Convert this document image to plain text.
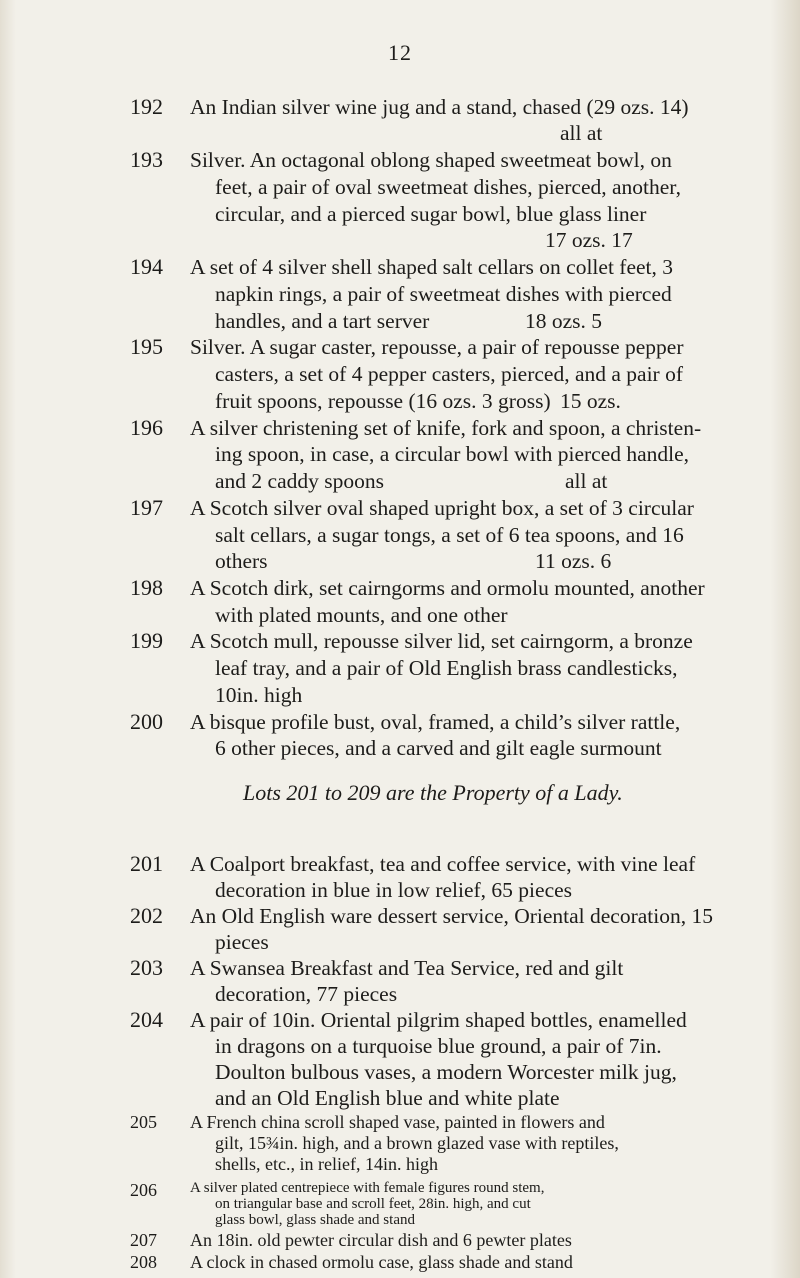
12
192	An Indian silver wine jug and a stand, chased (29 ozs. 14)
all at
193	Silver. An octagonal oblong shaped sweetmeat bowl, on
feet, a pair of oval sweetmeat dishes, pierced, another,
circular, and a pierced sugar bowl, blue glass liner
17 ozs. 17
194	A set of 4 silver shell shaped salt cellars on collet feet, 3
napkin rings, a pair of sweetmeat dishes with pierced
handles, and a tart server	18 ozs. 5
195	Silver. A sugar caster, repousse, a pair of repousse pepper
casters, a set of 4 pepper casters, pierced, and a pair of
fruit spoons, repousse (16 ozs. 3 gross) 15 ozs.
196	A silver christening set of knife, fork and spoon, a christen-
ing spoon, in case, a circular bowl with pierced handle,
and 2 caddy spoons	all at
197	A Scotch silver oval shaped upright box, a set of 3 circular
salt cellars, a sugar tongs, a set of 6 tea spoons, and 16
others	11 ozs. 6
198	A Scotch dirk, set cairngorms and ormolu mounted, another
with plated mounts, and one other
199	A Scotch mull, repousse silver lid, set cairngorm, a bronze
leaf tray, and a pair of Old English brass candlesticks,
10in. high
200	A bisque profile bust, oval, framed, a child’s silver rattle,
6 other pieces, and a carved and gilt eagle surmount
Lots 201 to 209 are the Property of a Lady.
201	A Coalport breakfast, tea and coffee service, with vine leaf
decoration in blue in low relief, 65 pieces
202	An Old English ware dessert service, Oriental decoration, 15
pieces
203	A Swansea Breakfast and Tea Service, red and gilt
decoration, 77 pieces
204	A pair of 10in. Oriental pilgrim shaped bottles, enamelled
in dragons on a turquoise blue ground, a pair of 7in.
Doulton bulbous vases, a modern Worcester milk jug,
and an Old English blue and white plate
205	A French china scroll shaped vase, painted in flowers and
gilt, 15¾in. high, and a brown glazed vase with reptiles,
shells, etc., in relief, 14in. high
206	A silver plated centrepiece with female figures round stem,
on triangular base and scroll feet, 28in. high, and cut
glass bowl, glass shade and stand
207	An 18in. old pewter circular dish and 6 pewter plates
208	A clock in chased ormolu case, glass shade and stand
